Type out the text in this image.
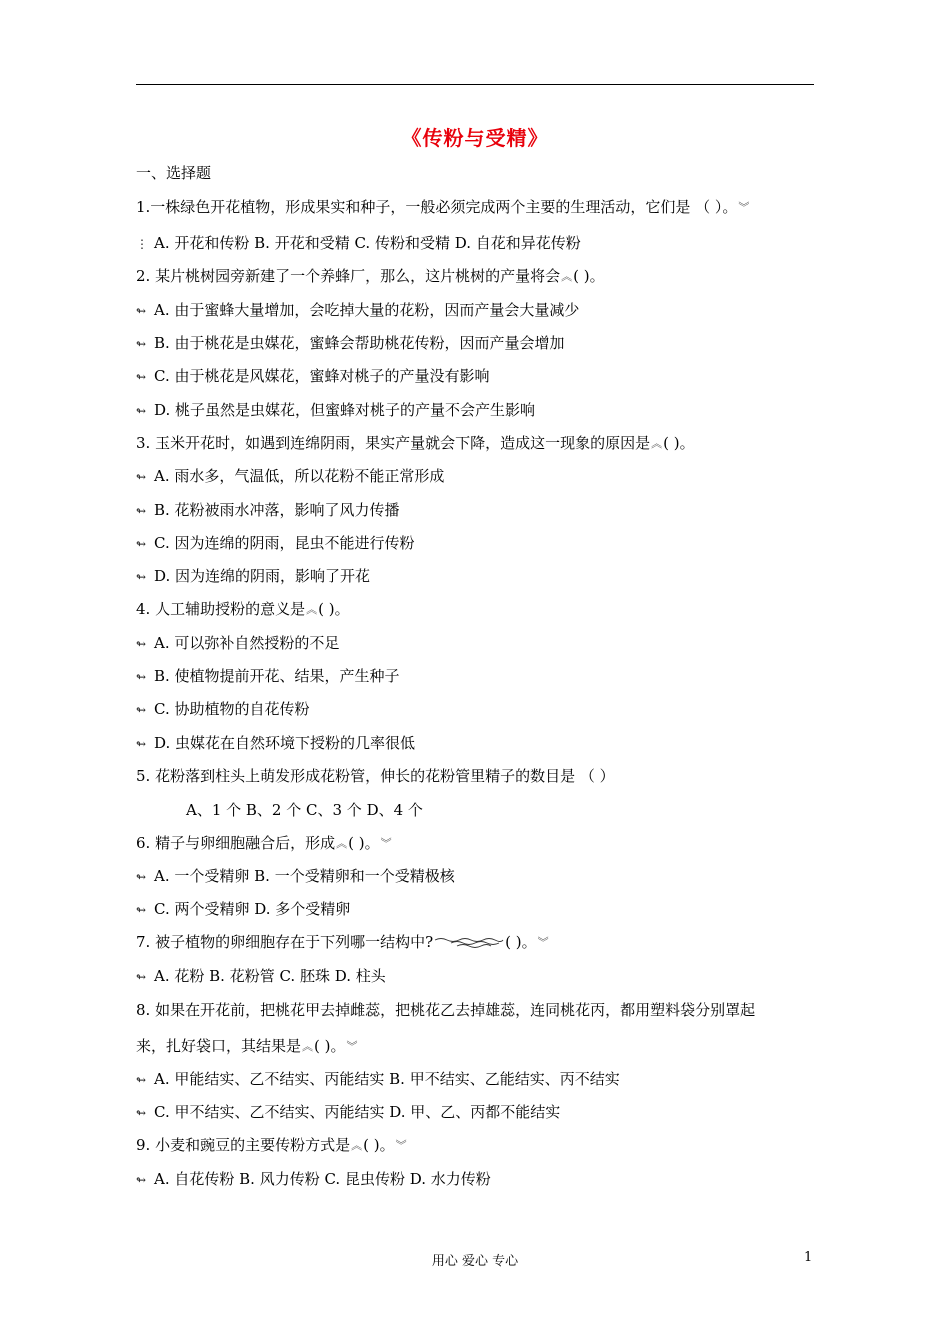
《传粉与受精》
一、选择题
1.一株绿色开花植物，形成果实和种子，一般必须完成两个主要的生理活动，它们是 （ ）。︾
⋮ A. 开花和传粉 B. 开花和受精 C. 传粉和受精 D. 自花和异花传粉
2. 某片桃树园旁新建了一个养蜂厂，那么，这片桃树的产量将会︽( )。
↬ A. 由于蜜蜂大量增加，会吃掉大量的花粉，因而产量会大量减少
↬ B. 由于桃花是虫媒花，蜜蜂会帮助桃花传粉，因而产量会增加
↬ C. 由于桃花是风媒花，蜜蜂对桃子的产量没有影响
↬ D. 桃子虽然是虫媒花，但蜜蜂对桃子的产量不会产生影响
3. 玉米开花时，如遇到连绵阴雨，果实产量就会下降，造成这一现象的原因是︽( )。
↬ A. 雨水多，气温低，所以花粉不能正常形成
↬ B. 花粉被雨水冲落，影响了风力传播
↬ C. 因为连绵的阴雨，昆虫不能进行传粉
↬ D. 因为连绵的阴雨，影响了开花
4. 人工辅助授粉的意义是︽( )。
↬ A. 可以弥补自然授粉的不足
↬ B. 使植物提前开花、结果，产生种子
↬ C. 协助植物的自花传粉
↬ D. 虫媒花在自然环境下授粉的几率很低
5. 花粉落到柱头上萌发形成花粉管，伸长的花粉管里精子的数目是 （ ）
A、1 个 B、2 个 C、3 个 D、4 个
6. 精子与卵细胞融合后，形成︽( )。︾
↬ A. 一个受精卵 B. 一个受精卵和一个受精极核
↬ C. 两个受精卵 D. 多个受精卵
7. 被子植物的卵细胞存在于下列哪一结构中?	( )。︾
↬ A. 花粉 B. 花粉管 C. 胚珠 D. 柱头
8. 如果在开花前，把桃花甲去掉雌蕊，把桃花乙去掉雄蕊，连同桃花丙，都用塑料袋分别罩起
来，扎好袋口，其结果是︽( )。︾
↬ A. 甲能结实、乙不结实、丙能结实 B. 甲不结实、乙能结实、丙不结实
↬ C. 甲不结实、乙不结实、丙能结实 D. 甲、乙、丙都不能结实
9. 小麦和豌豆的主要传粉方式是︽( )。︾
↬ A. 自花传粉 B. 风力传粉 C. 昆虫传粉 D. 水力传粉
用心 爱心 专心	1
